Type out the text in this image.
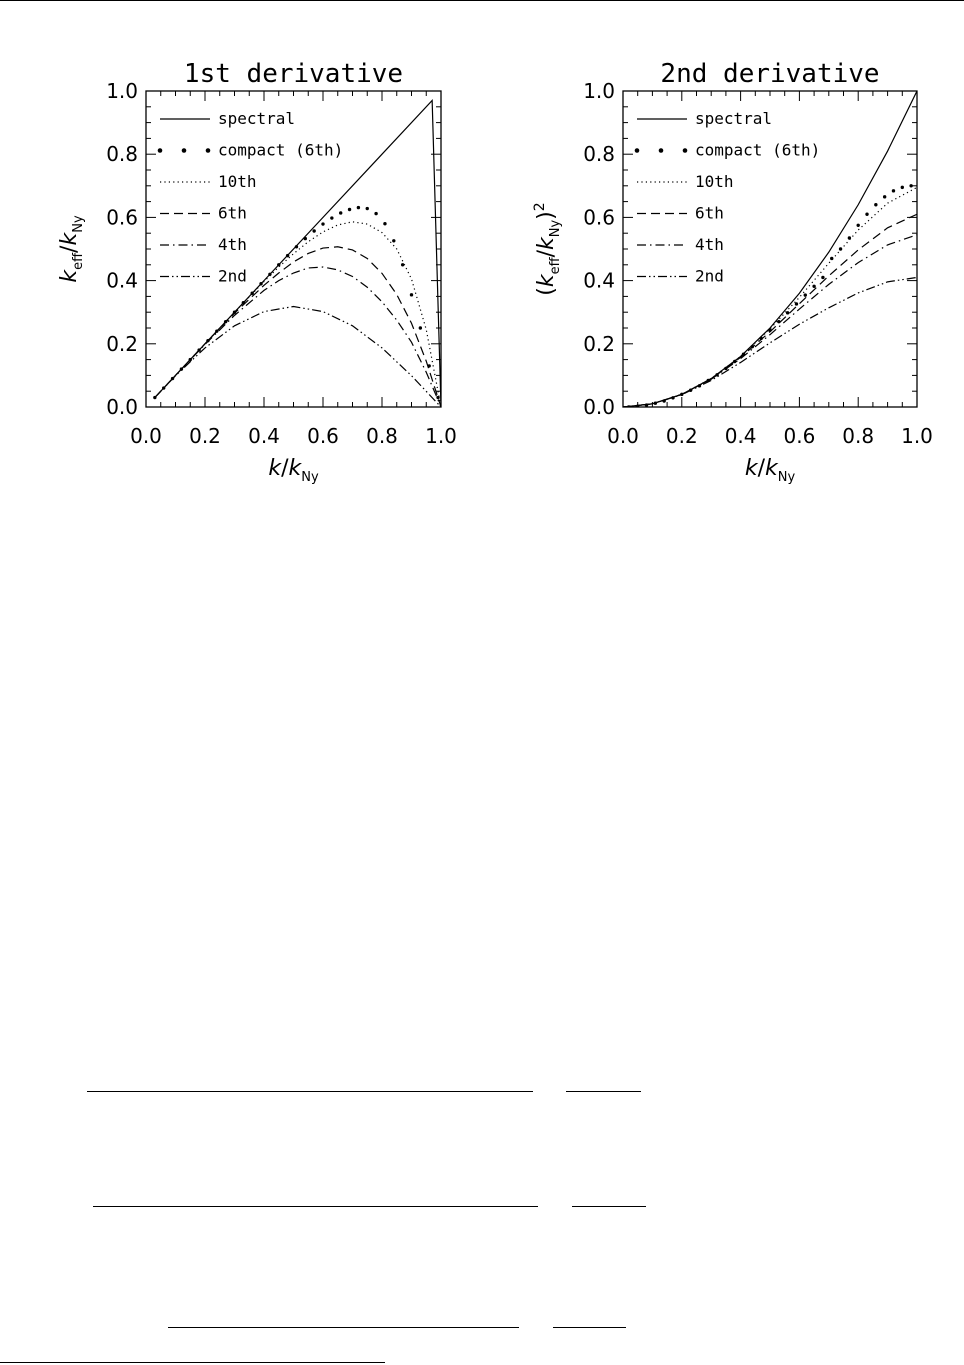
1st derivative
0.0
0.0
0.2
0.2
0.4
0.4
0.6
0.6
0.8
0.8
1.0
1.0
$k/k_{Ny}$
$k_{eff}/k_{Ny}$
spectral
compact (6th)
10th
6th
4th
2nd
2nd derivative
0.0
0.0
0.2
0.2
0.4
0.4
0.6
0.6
0.8
0.8
1.0
1.0
$k/k_{Ny}$
$(k_{eff}/k_{Ny})^2$
spectral
compact (6th)
10th
6th
4th
2nd
